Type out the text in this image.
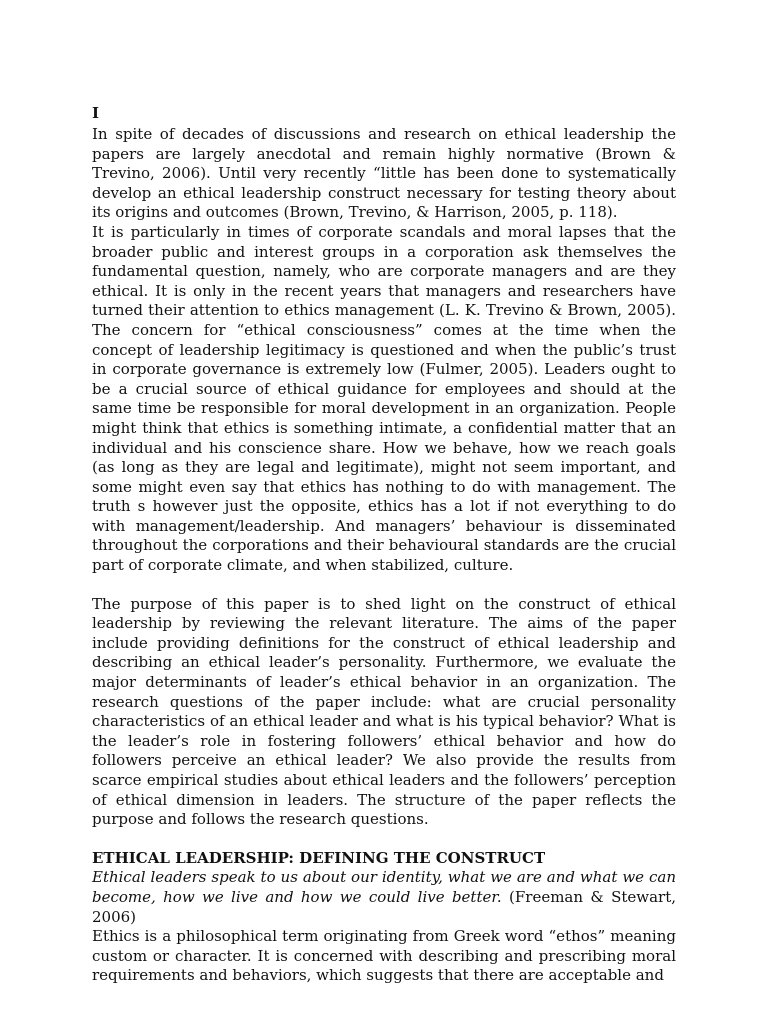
I

In spite of decades of discussions and research on ethical leadership the papers are largely anecdotal and remain highly normative (Brown & Trevino, 2006). Until very recently “little has been done to systematically develop an ethical leadership construct necessary for testing theory about its origins and outcomes (Brown, Trevino, & Harrison, 2005, p. 118).

It is particularly in times of corporate scandals and moral lapses that the broader public and interest groups in a corporation ask themselves the fundamental question, namely, who are corporate managers and are they ethical. It is only in the recent years that managers and researchers have turned their attention to ethics management (L. K. Trevino & Brown, 2005). The concern for “ethical consciousness” comes at the time when the concept of leadership legitimacy is questioned and when the public’s trust in corporate governance is extremely low (Fulmer, 2005). Leaders ought to be a crucial source of ethical guidance for employees and should at the same time be responsible for moral development in an organization. People might think that ethics is something intimate, a confidential matter that an individual and his conscience share. How we behave, how we reach goals (as long as they are legal and legitimate), might not seem important, and some might even say that ethics has nothing to do with management. The truth s however just the opposite, ethics has a lot if not everything to do with management/leadership. And managers’ behaviour is disseminated throughout the corporations and their behavioural standards are the crucial part of corporate climate, and when stabilized, culture.

The purpose of this paper is to shed light on the construct of ethical leadership by reviewing the relevant literature. The aims of the paper include providing definitions for the construct of ethical leadership and describing an ethical leader’s personality. Furthermore, we evaluate the major determinants of leader’s ethical behavior in an organization. The research questions of the paper include: what are crucial personality characteristics of an ethical leader and what is his typical behavior? What is the leader’s role in fostering followers’ ethical behavior and how do followers perceive an ethical leader? We also provide the results from scarce empirical studies about ethical leaders and the followers’ perception of ethical dimension in leaders. The structure of the paper reflects the purpose and follows the research questions.

ETHICAL LEADERSHIP: DEFINING THE CONSTRUCT

Ethical leaders speak to us about our identity, what we are and what we can become, how we live and how we could live better. (Freeman & Stewart, 2006)

Ethics is a philosophical term originating from Greek word “ethos” meaning custom or character. It is concerned with describing and prescribing moral requirements and behaviors, which suggests that there are acceptable and
